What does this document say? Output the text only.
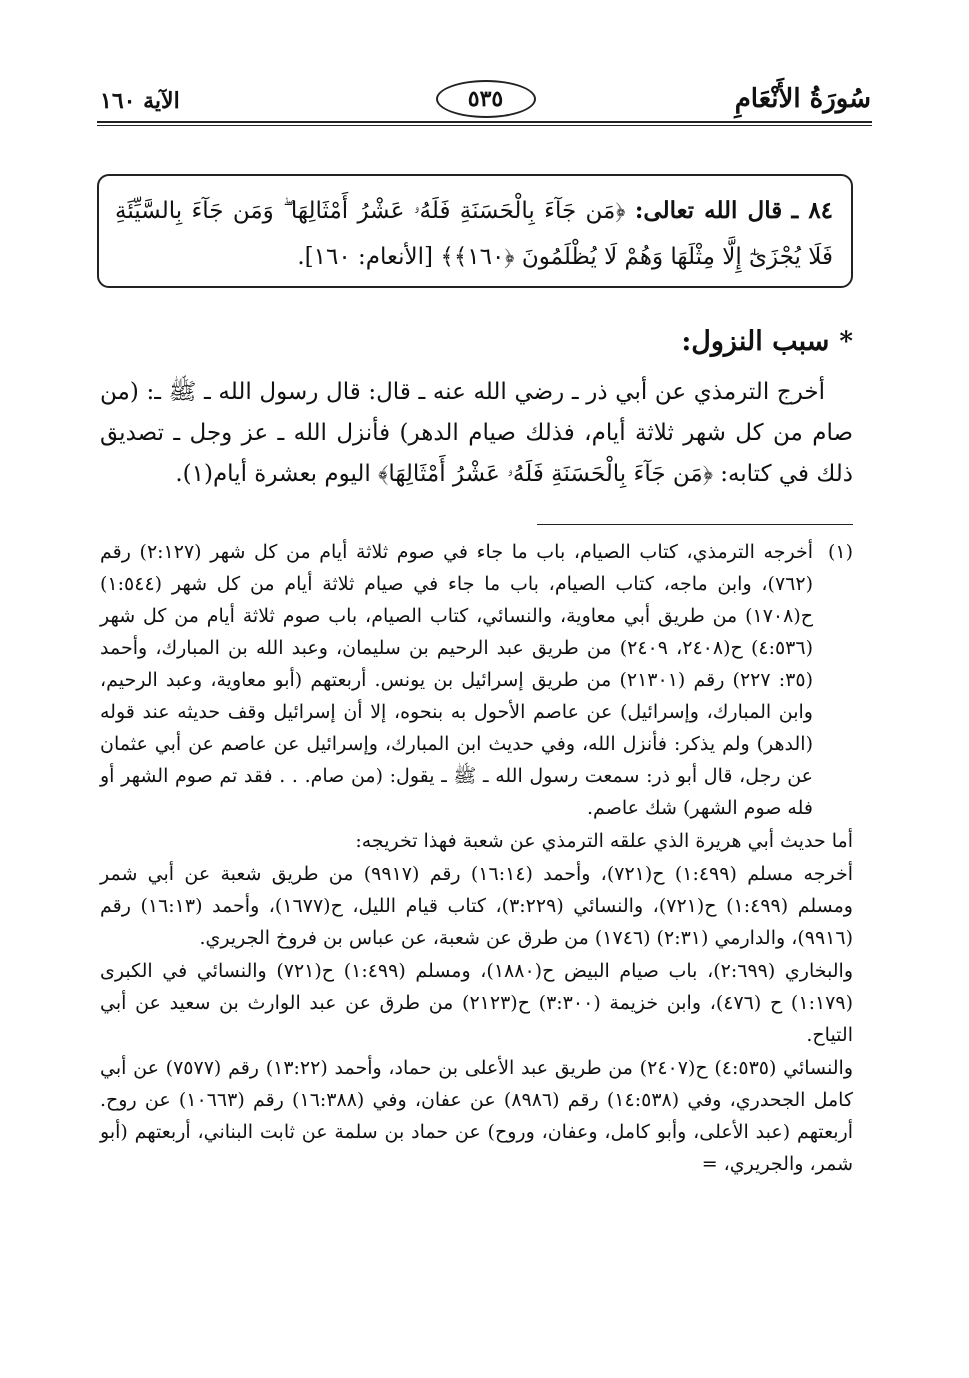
سُورَةُ الأَنْعَامِ
٥٣٥
الآية ١٦٠
٨٤ ـ قال الله تعالى: ﴿مَن جَآءَ بِالْحَسَنَةِ فَلَهُۥ عَشْرُ أَمْثَالِهَا ۖ وَمَن جَآءَ بِالسَّيِّئَةِ فَلَا يُجْزَىٰٓ إِلَّا مِثْلَهَا وَهُمْ لَا يُظْلَمُونَ ﴿١٦٠﴾﴾ [الأنعام: ١٦٠].
*سبب النزول:
أخرج الترمذي عن أبي ذر ـ رضي الله عنه ـ قال: قال رسول الله ـ ﷺ ـ: (من صام من كل شهر ثلاثة أيام، فذلك صيام الدهر) فأنزل الله ـ عز وجل ـ تصديق ذلك في كتابه: ﴿مَن جَآءَ بِالْحَسَنَةِ فَلَهُۥ عَشْرُ أَمْثَالِهَا﴾ اليوم بعشرة أيام(١).
(١)
أخرجه الترمذي، كتاب الصيام، باب ما جاء في صوم ثلاثة أيام من كل شهر (٢:١٢٧) رقم (٧٦٢)، وابن ماجه، كتاب الصيام، باب ما جاء في صيام ثلاثة أيام من كل شهر (١:٥٤٤) ح(١٧٠٨) من طريق أبي معاوية، والنسائي، كتاب الصيام، باب صوم ثلاثة أيام من كل شهر (٤:٥٣٦) ح(٢٤٠٨، ٢٤٠٩) من طريق عبد الرحيم بن سليمان، وعبد الله بن المبارك، وأحمد (٣٥: ٢٢٧) رقم (٢١٣٠١) من طريق إسرائيل بن يونس. أربعتهم (أبو معاوية، وعبد الرحيم، وابن المبارك، وإسرائيل) عن عاصم الأحول به بنحوه، إلا أن إسرائيل وقف حديثه عند قوله (الدهر) ولم يذكر: فأنزل الله، وفي حديث ابن المبارك، وإسرائيل عن عاصم عن أبي عثمان عن رجل، قال أبو ذر: سمعت رسول الله ـ ﷺ ـ يقول: (من صام. . . فقد تم صوم الشهر أو فله صوم الشهر) شك عاصم.
أما حديث أبي هريرة الذي علقه الترمذي عن شعبة فهذا تخريجه:
أخرجه مسلم (١:٤٩٩) ح(٧٢١)، وأحمد (١٦:١٤) رقم (٩٩١٧) من طريق شعبة عن أبي شمر ومسلم (١:٤٩٩) ح(٧٢١)، والنسائي (٣:٢٢٩)، كتاب قيام الليل، ح(١٦٧٧)، وأحمد (١٦:١٣) رقم (٩٩١٦)، والدارمي (٢:٣١) (١٧٤٦) من طرق عن شعبة، عن عباس بن فروخ الجريري.
والبخاري (٢:٦٩٩)، باب صيام البيض ح(١٨٨٠)، ومسلم (١:٤٩٩) ح(٧٢١) والنسائي في الكبرى (١:١٧٩) ح (٤٧٦)، وابن خزيمة (٣:٣٠٠) ح(٢١٢٣) من طرق عن عبد الوارث بن سعيد عن أبي التياح.
والنسائي (٤:٥٣٥) ح(٢٤٠٧) من طريق عبد الأعلى بن حماد، وأحمد (١٣:٢٢) رقم (٧٥٧٧) عن أبي كامل الجحدري، وفي (١٤:٥٣٨) رقم (٨٩٨٦) عن عفان، وفي (١٦:٣٨٨) رقم (١٠٦٦٣) عن روح. أربعتهم (عبد الأعلى، وأبو كامل، وعفان، وروح) عن حماد بن سلمة عن ثابت البناني، أربعتهم (أبو شمر، والجريري، =
